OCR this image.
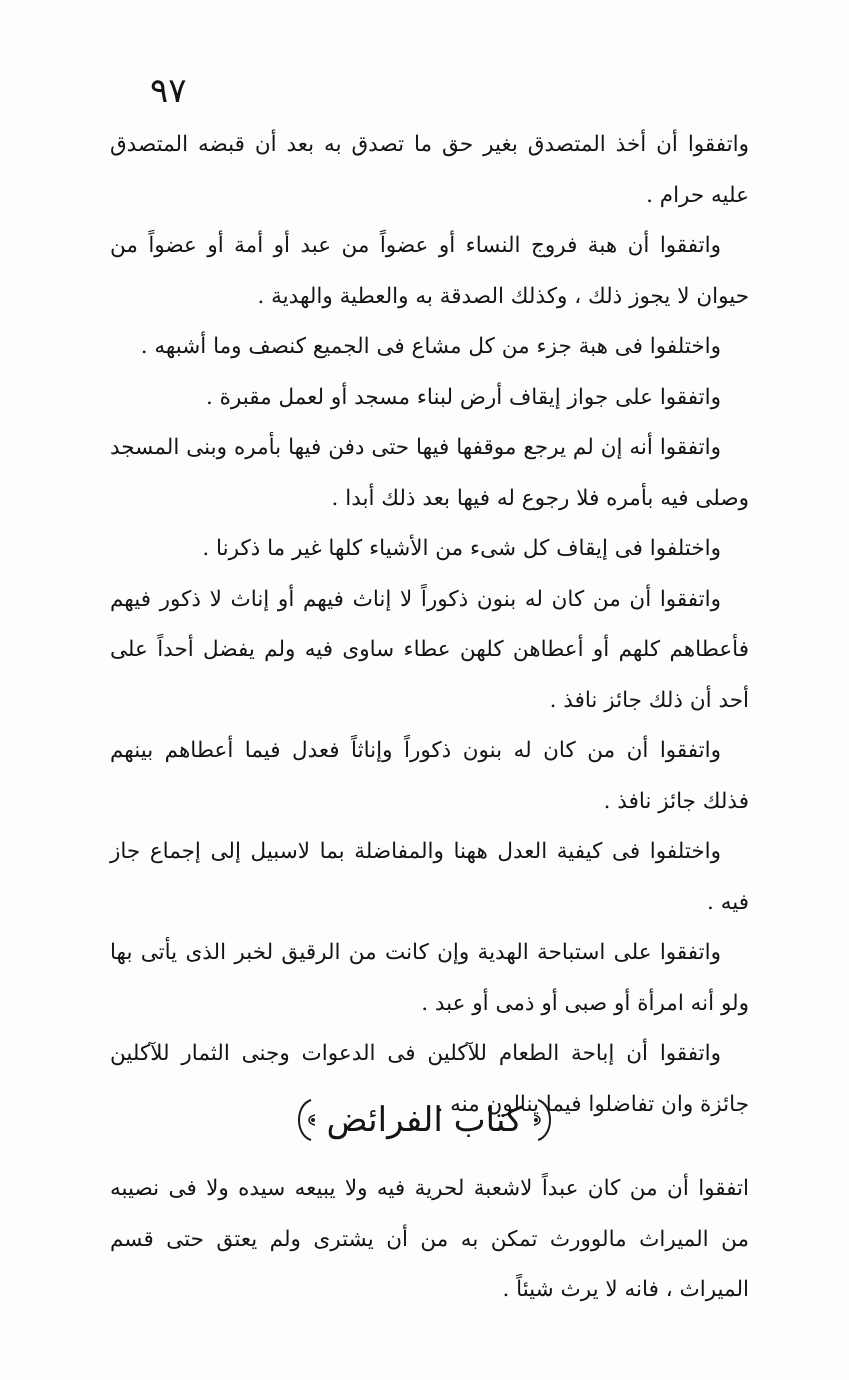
٩٧

واتفقوا أن أخذ المتصدق بغير حق ما تصدق به بعد أن قبضه المتصدق عليه حرام .

واتفقوا أن هبة فروج النساء أو عضواً من عبد أو أمة أو عضواً من حيوان لا يجوز ذلك ، وكذلك الصدقة به والعطية والهدية .

واختلفوا فى هبة جزء من كل مشاع فى الجميع كنصف وما أشبهه .

واتفقوا على جواز إيقاف أرض لبناء مسجد أو لعمل مقبرة .

واتفقوا أنه إن لم يرجع موقفها فيها حتى دفن فيها بأمره وبنى المسجد وصلى فيه بأمره فلا رجوع له فيها بعد ذلك أبدا .

واختلفوا فى إيقاف كل شىء من الأشياء كلها غير ما ذكرنا .

واتفقوا أن من كان له بنون ذكوراً لا إناث فيهم أو إناث لا ذكور فيهم فأعطاهم كلهم أو أعطاهن كلهن عطاء ساوى فيه ولم يفضل أحداً على أحد أن ذلك جائز نافذ .

واتفقوا أن من كان له بنون ذكوراً وإناثاً فعدل فيما أعطاهم بينهم فذلك جائز نافذ .

واختلفوا فى كيفية العدل ههنا والمفاضلة بما لاسبيل إلى إجماع جاز فيه .

واتفقوا على استباحة الهدية وإن كانت من الرقيق لخبر الذى يأتى بها ولو أنه امرأة أو صبى أو ذمى أو عبد .

واتفقوا أن إباحة الطعام للآكلين فى الدعوات وجنى الثمار للآكلين جائزة وان تفاضلوا فيما ينالون منه .

كتاب الفرائض

اتفقوا أن من كان عبداً لاشعبة لحرية فيه ولا يبيعه سيده ولا فى نصيبه من الميراث مالوورث تمكن به من أن يشترى ولم يعتق حتى قسم الميراث ، فانه لا يرث شيئاً .
